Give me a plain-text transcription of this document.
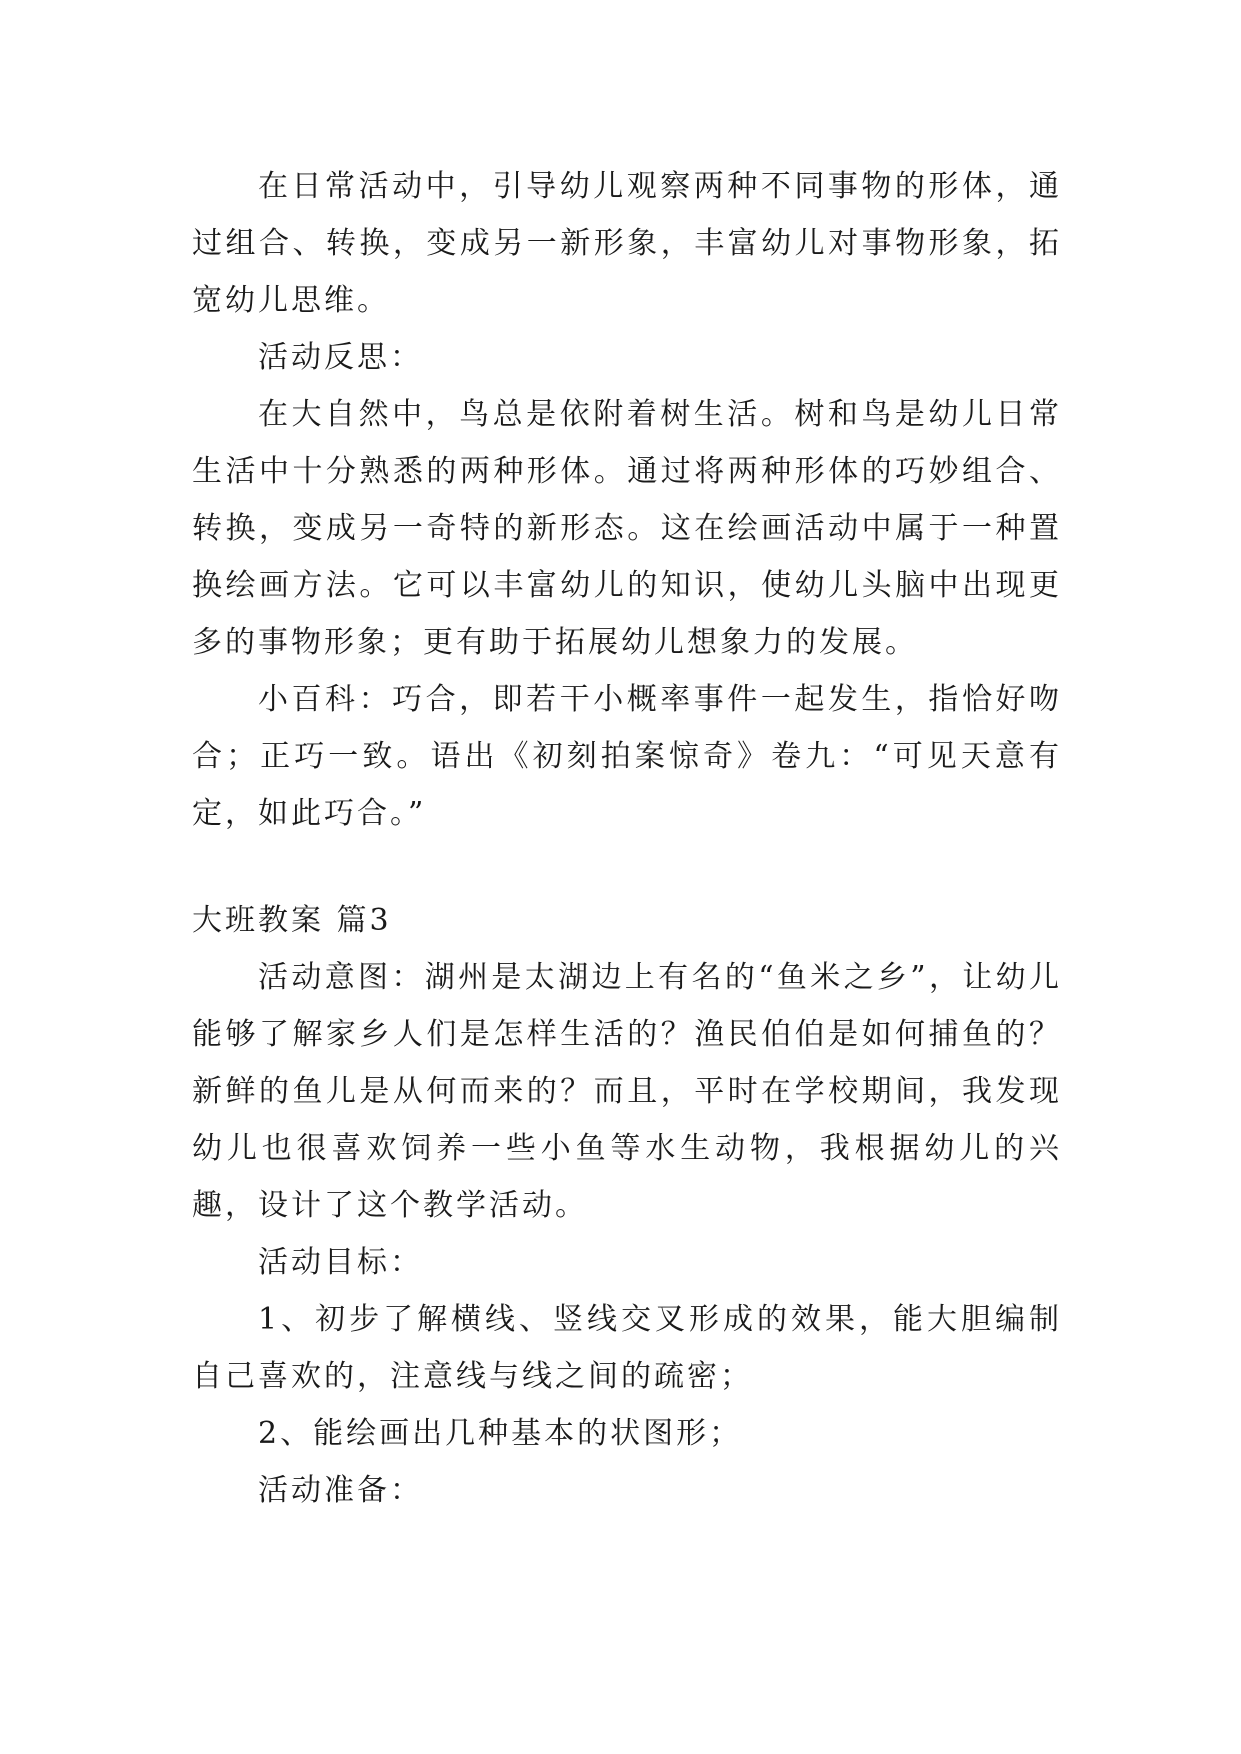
在日常活动中，引导幼儿观察两种不同事物的形体，通过组合、转换，变成另一新形象，丰富幼儿对事物形象，拓宽幼儿思维。

活动反思：

在大自然中，鸟总是依附着树生活。树和鸟是幼儿日常生活中十分熟悉的两种形体。通过将两种形体的巧妙组合、转换，变成另一奇特的新形态。这在绘画活动中属于一种置换绘画方法。它可以丰富幼儿的知识，使幼儿头脑中出现更多的事物形象；更有助于拓展幼儿想象力的发展。

小百科：巧合，即若干小概率事件一起发生，指恰好吻合；正巧一致。语出《初刻拍案惊奇》卷九：“可见天意有定，如此巧合。”

大班教案 篇3

活动意图：湖州是太湖边上有名的“鱼米之乡”，让幼儿能够了解家乡人们是怎样生活的？渔民伯伯是如何捕鱼的？新鲜的鱼儿是从何而来的？而且，平时在学校期间，我发现幼儿也很喜欢饲养一些小鱼等水生动物，我根据幼儿的兴趣，设计了这个教学活动。

活动目标：

1、初步了解横线、竖线交叉形成的效果，能大胆编制自己喜欢的，注意线与线之间的疏密；

2、能绘画出几种基本的状图形；

活动准备：
